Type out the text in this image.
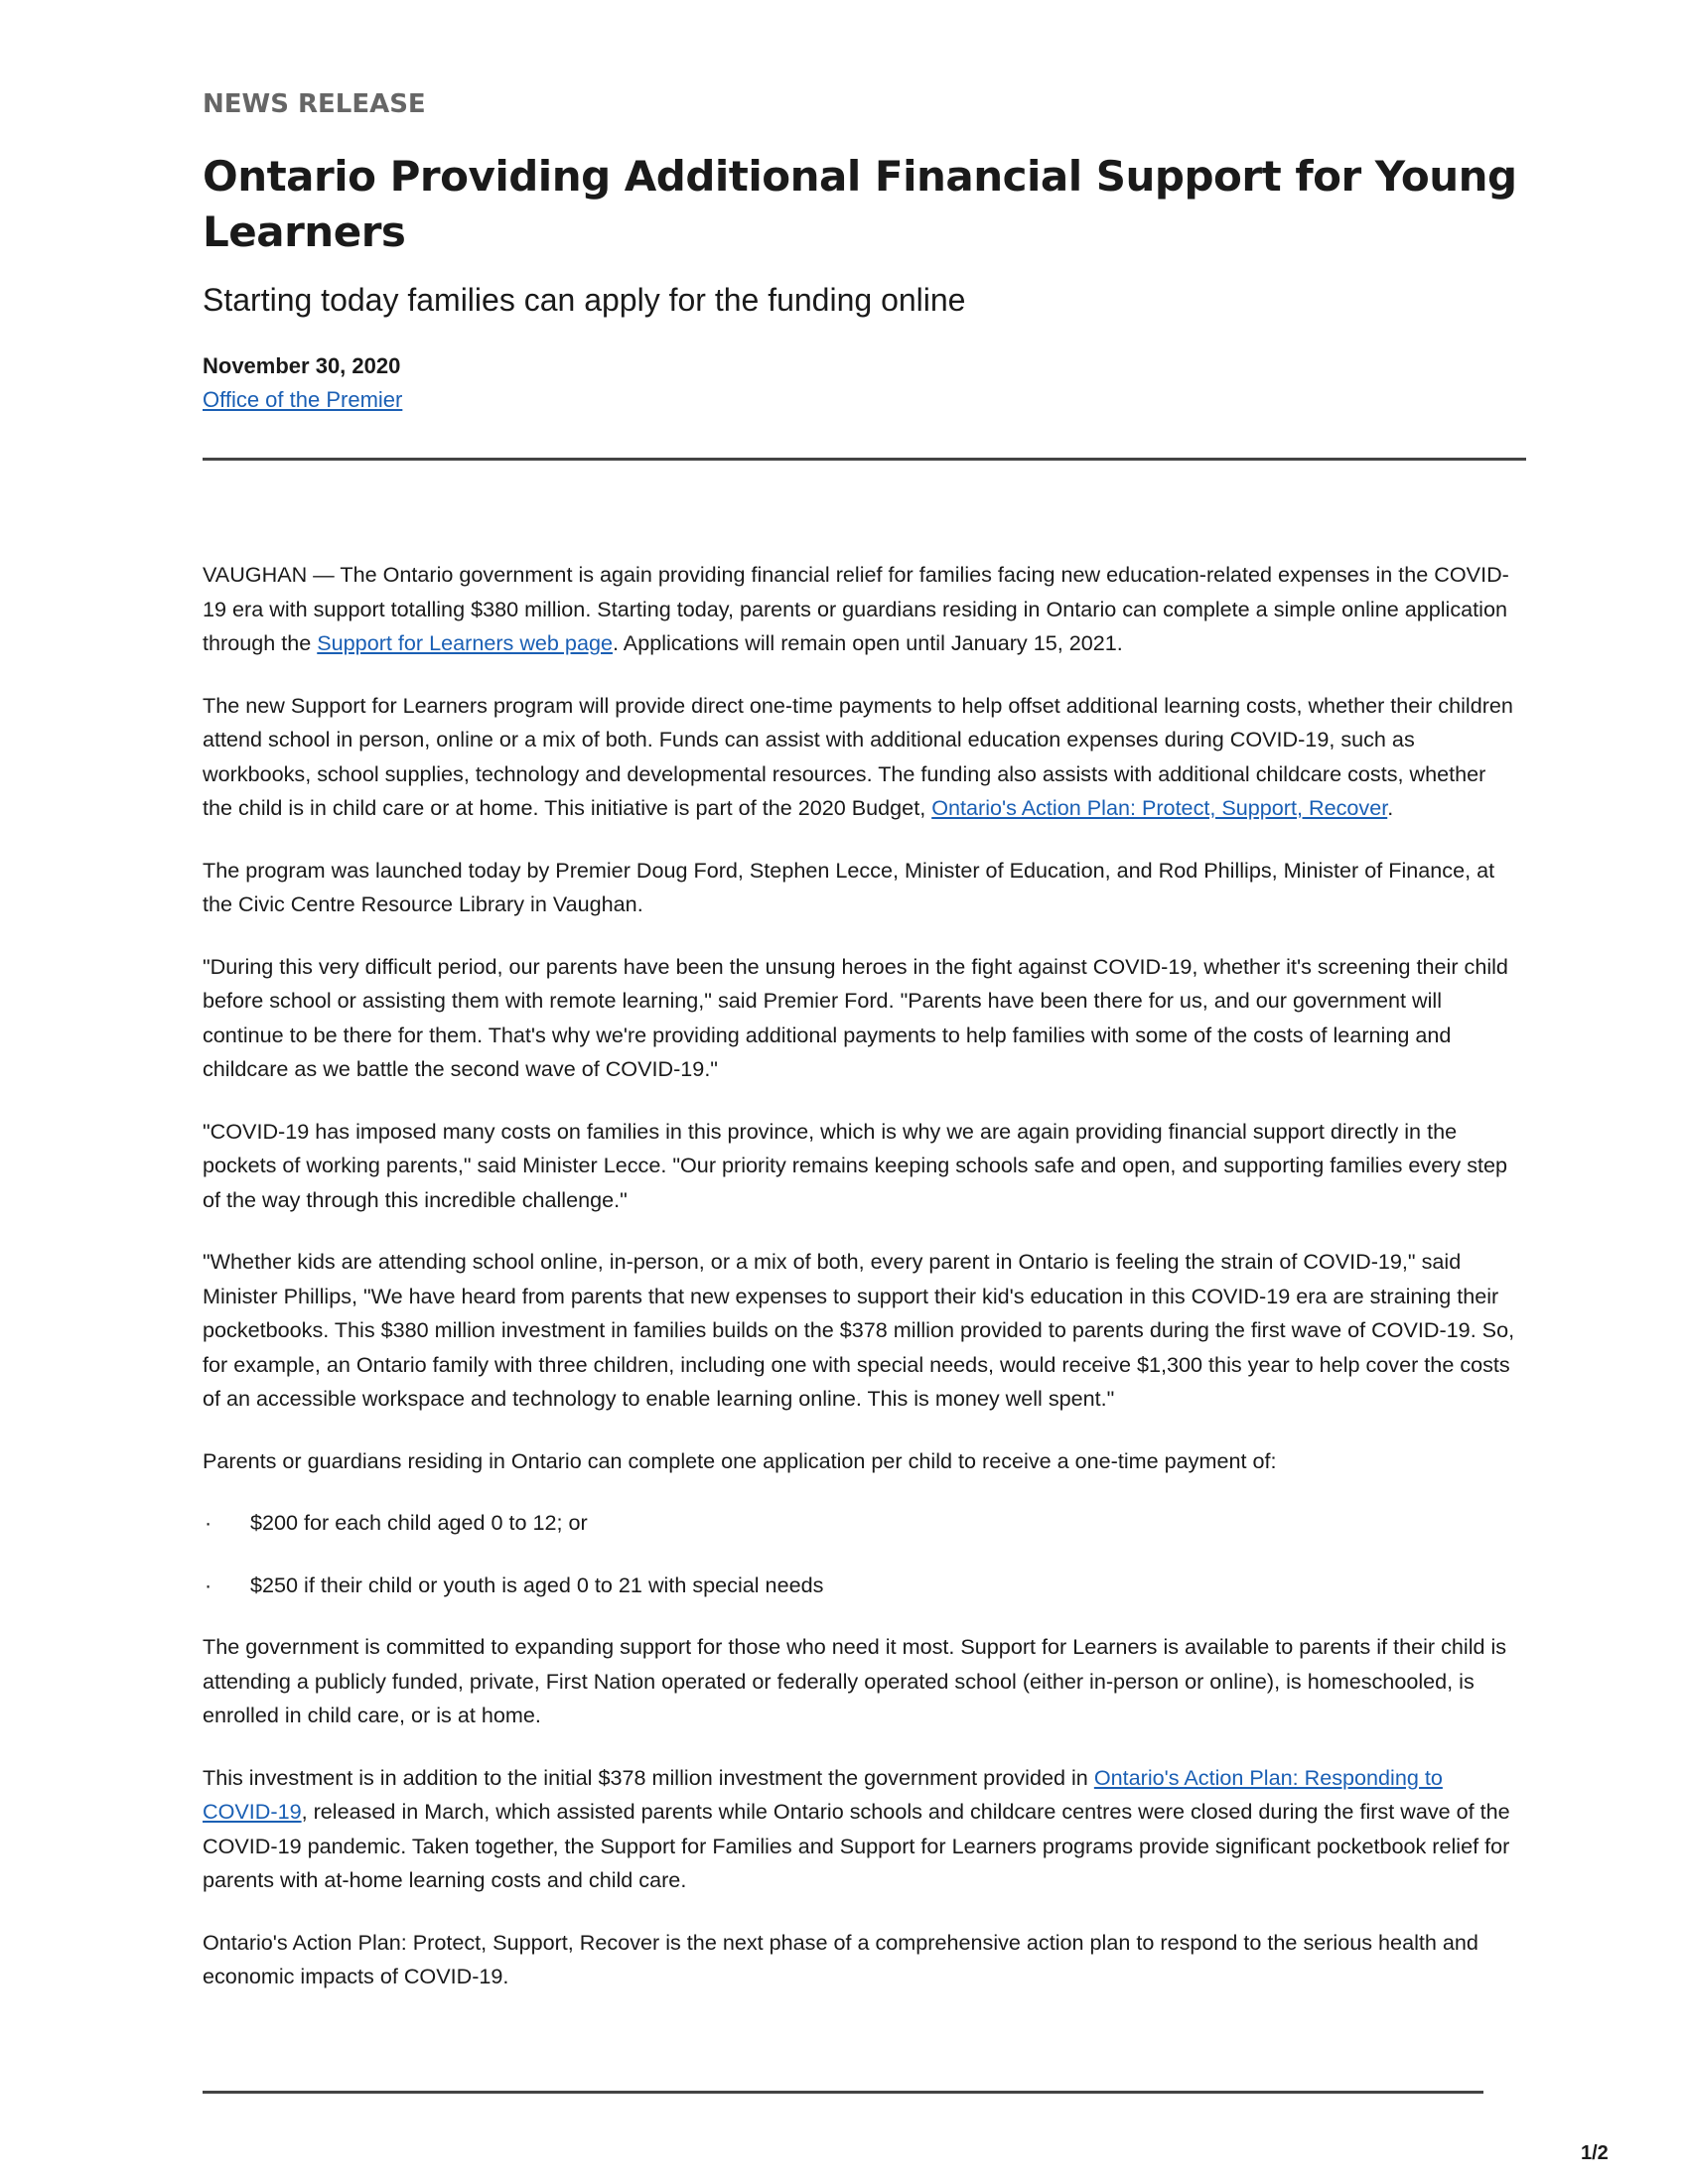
NEWS RELEASE
Ontario Providing Additional Financial Support for Young Learners
Starting today families can apply for the funding online
November 30, 2020
Office of the Premier

VAUGHAN — The Ontario government is again providing financial relief for families facing new education-related expenses in the COVID-19 era with support totalling $380 million. Starting today, parents or guardians residing in Ontario can complete a simple online application through the Support for Learners web page. Applications will remain open until January 15, 2021.

The new Support for Learners program will provide direct one-time payments to help offset additional learning costs, whether their children attend school in person, online or a mix of both. Funds can assist with additional education expenses during COVID-19, such as workbooks, school supplies, technology and developmental resources. The funding also assists with additional childcare costs, whether the child is in child care or at home. This initiative is part of the 2020 Budget, Ontario's Action Plan: Protect, Support, Recover.

The program was launched today by Premier Doug Ford, Stephen Lecce, Minister of Education, and Rod Phillips, Minister of Finance, at the Civic Centre Resource Library in Vaughan.

"During this very difficult period, our parents have been the unsung heroes in the fight against COVID-19, whether it's screening their child before school or assisting them with remote learning," said Premier Ford. "Parents have been there for us, and our government will continue to be there for them. That's why we're providing additional payments to help families with some of the costs of learning and childcare as we battle the second wave of COVID-19."

"COVID-19 has imposed many costs on families in this province, which is why we are again providing financial support directly in the pockets of working parents," said Minister Lecce. "Our priority remains keeping schools safe and open, and supporting families every step of the way through this incredible challenge."

"Whether kids are attending school online, in-person, or a mix of both, every parent in Ontario is feeling the strain of COVID-19," said Minister Phillips, "We have heard from parents that new expenses to support their kid's education in this COVID-19 era are straining their pocketbooks. This $380 million investment in families builds on the $378 million provided to parents during the first wave of COVID-19. So, for example, an Ontario family with three children, including one with special needs, would receive $1,300 this year to help cover the costs of an accessible workspace and technology to enable learning online. This is money well spent."

Parents or guardians residing in Ontario can complete one application per child to receive a one-time payment of:

·	$200 for each child aged 0 to 12; or
·	$250 if their child or youth is aged 0 to 21 with special needs

The government is committed to expanding support for those who need it most. Support for Learners is available to parents if their child is attending a publicly funded, private, First Nation operated or federally operated school (either in-person or online), is homeschooled, is enrolled in child care, or is at home.

This investment is in addition to the initial $378 million investment the government provided in Ontario's Action Plan: Responding to COVID-19, released in March, which assisted parents while Ontario schools and childcare centres were closed during the first wave of the COVID-19 pandemic. Taken together, the Support for Families and Support for Learners programs provide significant pocketbook relief for parents with at-home learning costs and child care.

Ontario's Action Plan: Protect, Support, Recover is the next phase of a comprehensive action plan to respond to the serious health and economic impacts of COVID-19.

1/2
